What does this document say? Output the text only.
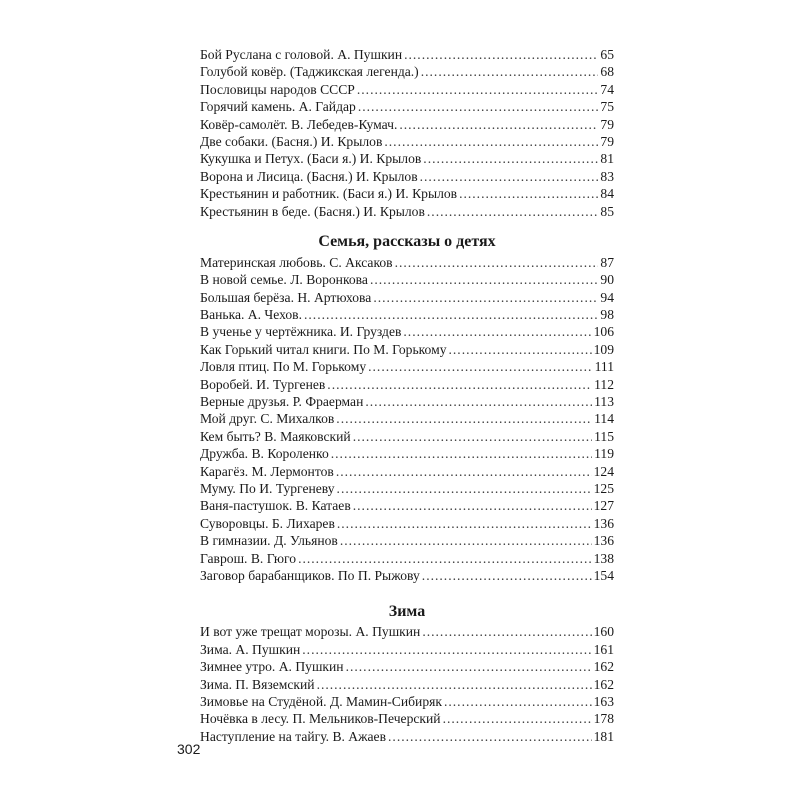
Бой Руслана с головой. А. Пушкин .....	65
Голубой ковёр. (Таджикская легенда.) .....	68
Пословицы народов СССР .....	74
Горячий камень. А. Гайдар .....	75
Ковёр-самолёт. В. Лебедев-Кумач. .....	79
Две собаки. (Басня.) И. Крылов .....	79
Кукушка и Петух. (Баси я.) И. Крылов .....	81
Ворона и Лисица. (Басня.) И. Крылов .....	83
Крестьянин и работник. (Баси я.) И. Крылов .....	84
Крестьянин в беде. (Басня.) И. Крылов .....	85
Семья, рассказы о детях
Материнская любовь. С. Аксаков .....	87
В новой семье. Л. Воронкова .....	90
Большая берёза. Н. Артюхова .....	94
Ванька. А. Чехов. .....	98
В ученье у чертёжника. И. Груздев .....	106
Как Горький читал книги. По М. Горькому .....	109
Ловля птиц. По М. Горькому .....	111
Воробей. И. Тургенев .....	112
Верные друзья. Р. Фраерман .....	113
Мой друг. С. Михалков .....	114
Кем быть? В. Маяковский .....	115
Дружба. В. Короленко .....	119
Карагёз. М. Лермонтов .....	124
Муму. По И. Тургеневу .....	125
Ваня-пастушок. В. Катаев .....	127
Суворовцы. Б. Лихарев .....	136
В гимназии. Д. Ульянов .....	136
Гаврош. В. Гюго .....	138
Заговор барабанщиков. По П. Рыжову .....	154
Зима
И вот уже трещат морозы. А. Пушкин .....	160
Зима. А. Пушкин .....	161
Зимнее утро. А. Пушкин .....	162
Зима. П. Вяземский .....	162
Зимовье на Студёной. Д. Мамин-Сибиряк .....	163
Ночёвка в лесу. П. Мельников-Печерский .....	178
Наступление на тайгу. В. Ажаев .....	181
302
